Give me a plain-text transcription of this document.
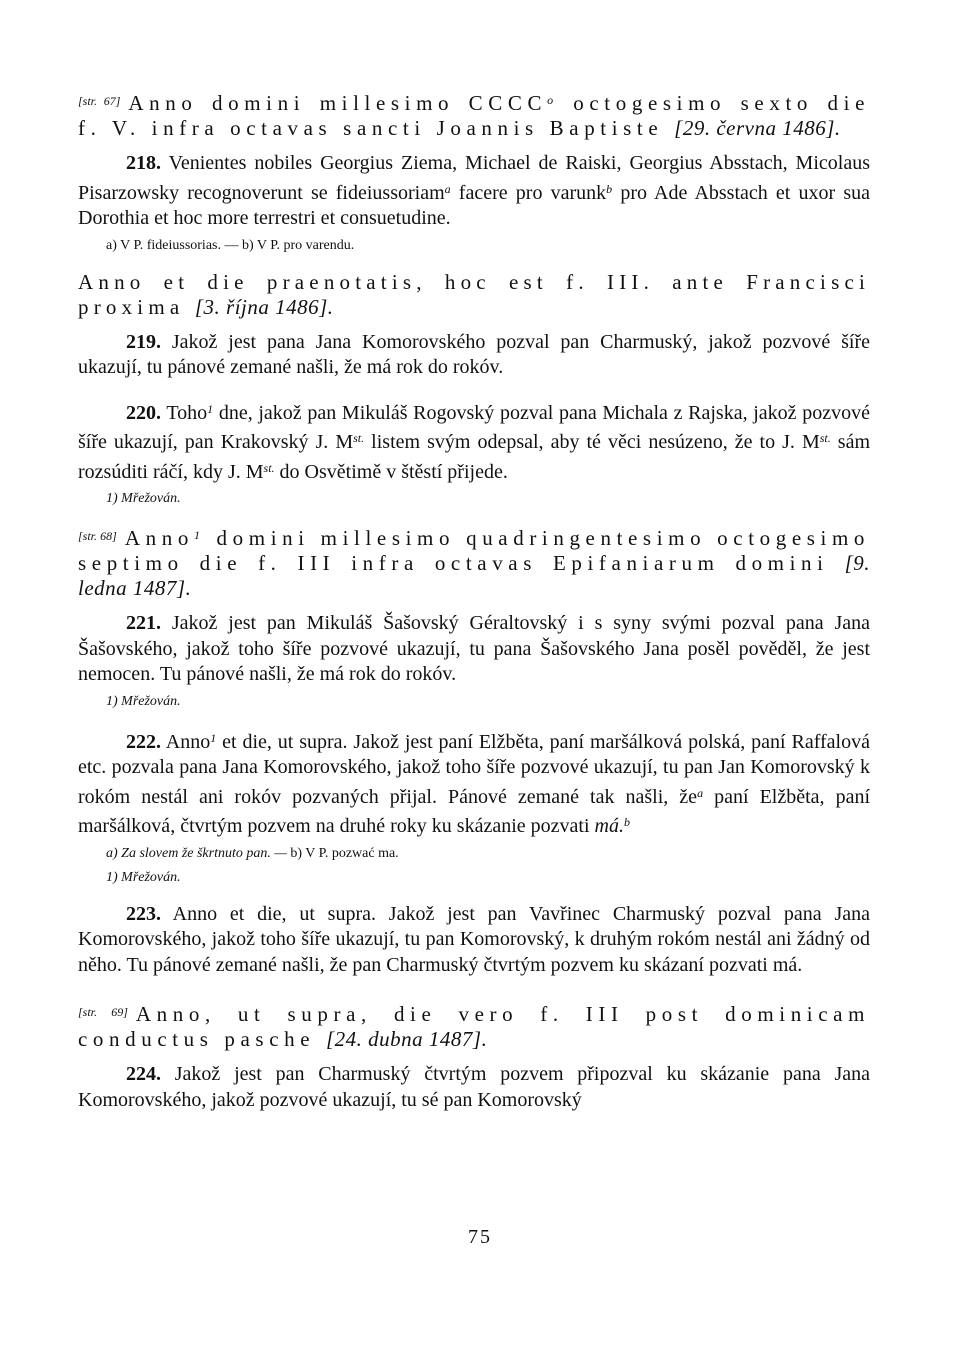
[str. 67] Anno domini millesimo CCCC$^o$ octogesimo sexto die f. V. infra octavas sancti Joannis Baptiste [29. června 1486].

218. Venientes nobiles Georgius Ziema, Michael de Raiski, Georgius Absstach, Micolaus Pisarzowsky recognoverunt se fideiussoriam$^a$ facere pro varunk$^b$ pro Ade Absstach et uxor sua Dorothia et hoc more terrestri et consuetudine.

a) V P. fideiussorias. — b) V P. pro varendu.

Anno et die praenotatis, hoc est f. III. ante Francisci proxima [3. října 1486].

219. Jakož jest pana Jana Komorovského pozval pan Charmuský, jakož pozvové šíře ukazují, tu pánové zemané našli, že má rok do rokóv.

220. Toho$^1$ dne, jakož pan Mikuláš Rogovský pozval pana Michala z Rajska, jakož pozvové šíře ukazují, pan Krakovský J. $M^{st.}$ listem svým odepsal, aby té věci nesúzeno, že to J. $M^{st.}$ sám rozsúditi ráčí, kdy J. $M^{st.}$ do Osvětimě v štěstí přijede.

1) Mřežován.

[str. 68] Anno$^1$ domini millesimo quadringentesimo octogesimo septimo die f. III infra octavas Epifaniarum domini [9. ledna 1487].

221. Jakož jest pan Mikuláš Šašovský Géraltovský i s syny svými pozval pana Jana Šašovského, jakož toho šíře pozvové ukazují, tu pana Šašovského Jana posěl pověděl, že jest nemocen. Tu pánové našli, že má rok do rokóv.

1) Mřežován.

222. Anno$^1$ et die, ut supra. Jakož jest paní Elžběta, paní maršálková polská, paní Raffalová etc. pozvala pana Jana Komorovského, jakož toho šíře pozvové ukazují, tu pan Jan Komorovský k rokóm nestál ani rokóv pozvaných přijal. Pánové zemané tak našli, $že^a$ paní Elžběta, paní maršálková, čtvrtým pozvem na druhé roky ku skázanie pozvati má.$^b$

a) Za slovem že škrtnuto pan. — b) V P. pozwać ma.
1) Mřežován.

223. Anno et die, ut supra. Jakož jest pan Vavřinec Charmuský pozval pana Jana Komorovského, jakož toho šíře ukazují, tu pan Komorovský, k druhým rokóm nestál ani žádný od něho. Tu pánové zemané našli, že pan Charmuský čtvrtým pozvem ku skázaní pozvati má.

[str. 69] Anno, ut supra, die vero f. III post dominicam conductus pasche [24. dubna 1487].

224. Jakož jest pan Charmuský čtvrtým pozvem připozval ku skázanie pana Jana Komorovského, jakož pozvové ukazují, tu sé pan Komorovský

75
